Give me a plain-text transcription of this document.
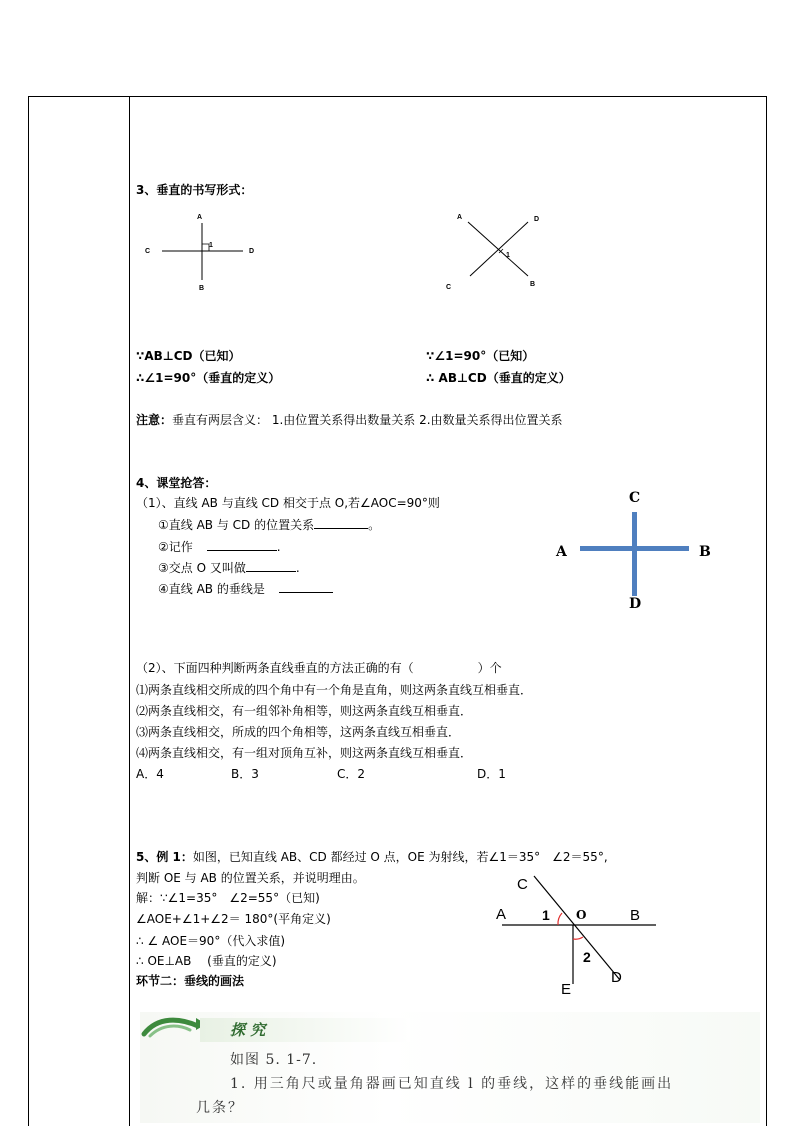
3、垂直的书写形式：
A
1
C	D
B
A	D
1
C	B
∵AB⊥CD（已知）
∴∠1=90°（垂直的定义）
∵∠1=90°（已知）
∴ AB⊥CD（垂直的定义）
注意：垂直有两层含义： 1.由位置关系得出数量关系 2.由数量关系得出位置关系
4、课堂抢答：
（1）、直线 AB 与直线 CD 相交于点 O,若∠AOC=90°则
①直线 AB 与 CD 的位置关系	。
②记作	.
③交点 O 又叫做	.
④直线 AB 的垂线是
C
A	B
D
（2）、下面四种判断两条直线垂直的方法正确的有（	）个
⑴两条直线相交所成的四个角中有一个角是直角，则这两条直线互相垂直．
⑵两条直线相交，有一组邻补角相等，则这两条直线互相垂直．
⑶两条直线相交，所成的四个角相等，这两条直线互相垂直．
⑷两条直线相交，有一组对顶角互补，则这两条直线互相垂直．
A．4	B．3	C．2	D．1
5、例 1：如图，已知直线 AB、CD 都经过 O 点，OE 为射线，若∠1＝35°　∠2＝55°,
判断 OE 与 AB 的位置关系，并说明理由。
解：∵∠1=35°　∠2=55°（已知)
∠AOE+∠1+∠2＝ 180°(平角定义)
∴ ∠ AOE＝90°（代入求值)
∴ OE⊥AB　 (垂直的定义)
C
A	1 O	B
2
D
E
环节二：垂线的画法
探 究
如图 5. 1-7.
1. 用三角尺或量角器画已知直线 l 的垂线，这样的垂线能画出
几条？
